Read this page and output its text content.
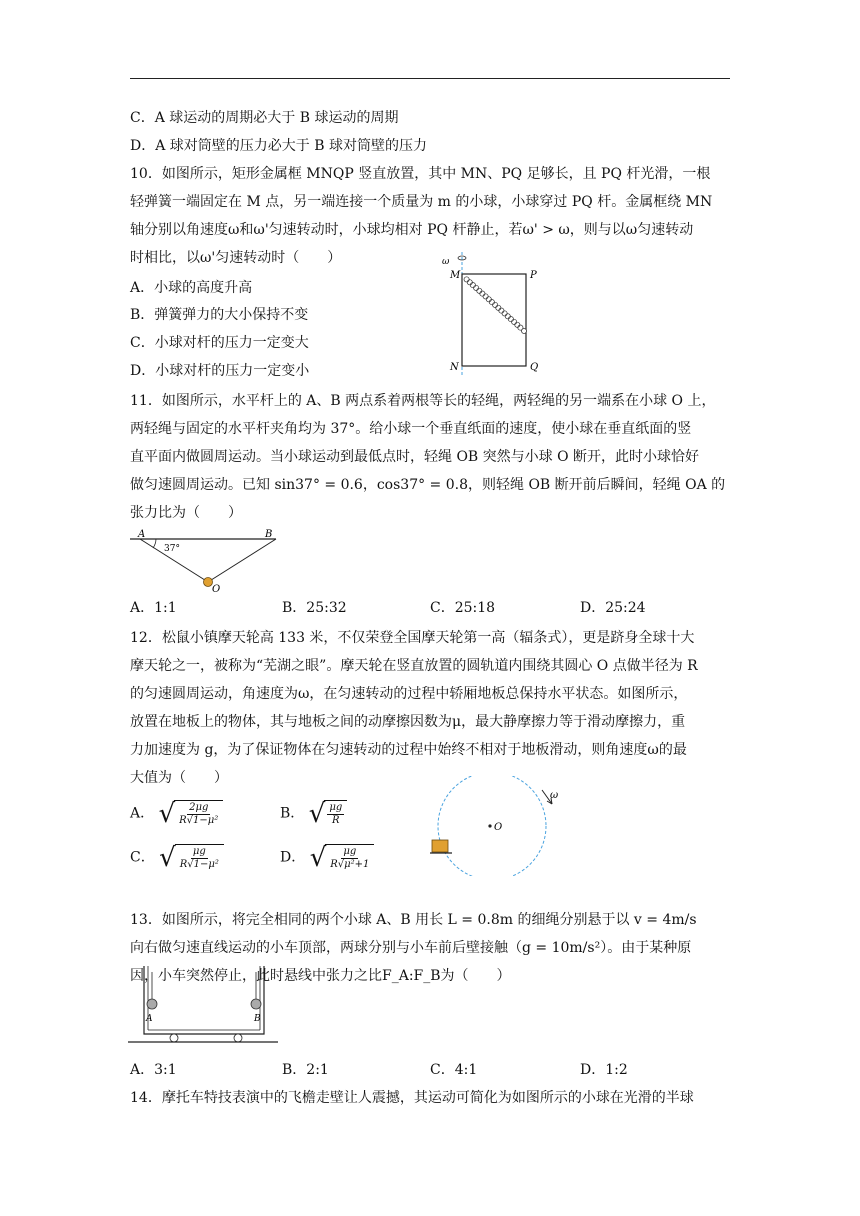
C．A 球运动的周期必大于 B 球运动的周期
D．A 球对筒壁的压力必大于 B 球对筒壁的压力
10．如图所示，矩形金属框 MNQP 竖直放置，其中 MN、PQ 足够长，且 PQ 杆光滑，一根
轻弹簧一端固定在 M 点，另一端连接一个质量为 m 的小球，小球穿过 PQ 杆。金属框绕 MN
轴分别以角速度ω和ω'匀速转动时，小球均相对 PQ 杆静止，若ω' > ω，则与以ω匀速转动
时相比，以ω'匀速转动时（　　）
A．小球的高度升高
B．弹簧弹力的大小保持不变
C．小球对杆的压力一定变大
D．小球对杆的压力一定变小
ω
M	P
N	Q
11．如图所示，水平杆上的 A、B 两点系着两根等长的轻绳，两轻绳的另一端系在小球 O 上，
两轻绳与固定的水平杆夹角均为 37°。给小球一个垂直纸面的速度，使小球在垂直纸面的竖
直平面内做圆周运动。当小球运动到最低点时，轻绳 OB 突然与小球 O 断开，此时小球恰好
做匀速圆周运动。已知 sin37° = 0.6，cos37° = 0.8，则轻绳 OB 断开前后瞬间，轻绳 OA 的
张力比为（　　）
A	B
37°
O
A．1:1	B．25:32	C．25:18	D．25:24
12．松鼠小镇摩天轮高 133 米，不仅荣登全国摩天轮第一高（辐条式），更是跻身全球十大
摩天轮之一，被称为“芜湖之眼”。摩天轮在竖直放置的圆轨道内围绕其圆心 O 点做半径为 R
的匀速圆周运动，角速度为ω，在匀速转动的过程中轿厢地板总保持水平状态。如图所示，
放置在地板上的物体，其与地板之间的动摩擦因数为μ，最大静摩擦力等于滑动摩擦力，重
力加速度为 g，为了保证物体在匀速转动的过程中始终不相对于地板滑动，则角速度ω的最
大值为（　　）
A． √ $\frac{2\mu g}{\text{R√1−μ²}}$	B． √ $\frac{\mu g}{R}$
C． √ $\frac{\mu g}{\text{R√1−μ²}}$	D． √ $\frac{\mu g}{\text{R√μ²+1}}$
O
ω
13．如图所示，将完全相同的两个小球 A、B 用长 L = 0.8m 的细绳分别悬于以 v = 4m/s
向右做匀速直线运动的小车顶部，两球分别与小车前后壁接触（g = 10m/s²）。由于某种原
因，小车突然停止，此时悬线中张力之比F_A:F_B为（　　）
A	B
A．3:1	B．2:1	C．4:1	D．1:2
14．摩托车特技表演中的飞檐走壁让人震撼，其运动可简化为如图所示的小球在光滑的半球
